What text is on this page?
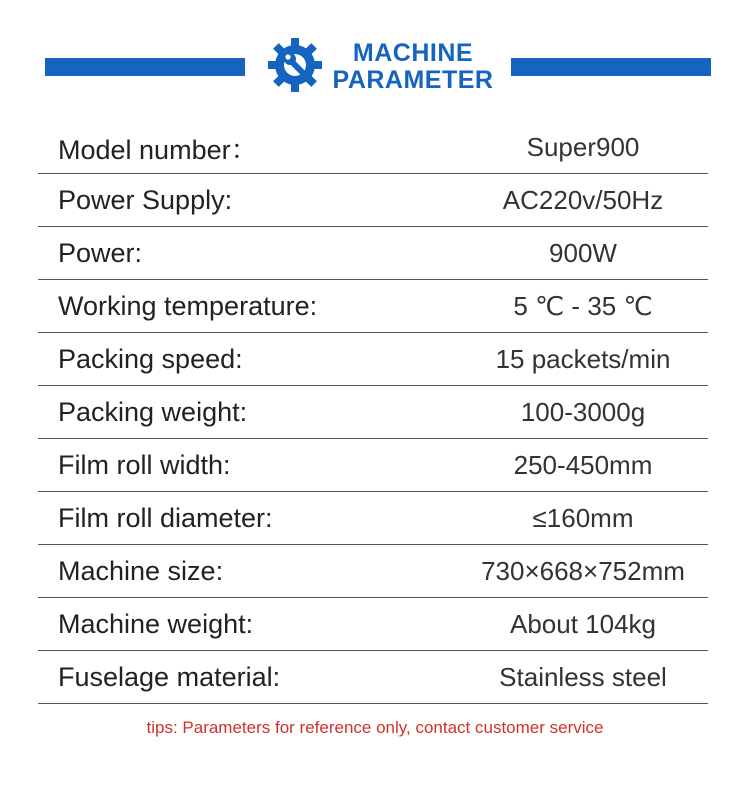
MACHINE
PARAMETER
Model number：	Super900
Power Supply:	AC220v/50Hz
Power:	900W
Working temperature:	5 ℃ - 35 ℃
Packing speed:	15 packets/min
Packing weight:	100-3000g
Film roll width:	250-450mm
Film roll diameter:	≤160mm
Machine size:	730×668×752mm
Machine weight:	About 104kg
Fuselage material:	Stainless steel
tips: Parameters for reference only, contact customer service
